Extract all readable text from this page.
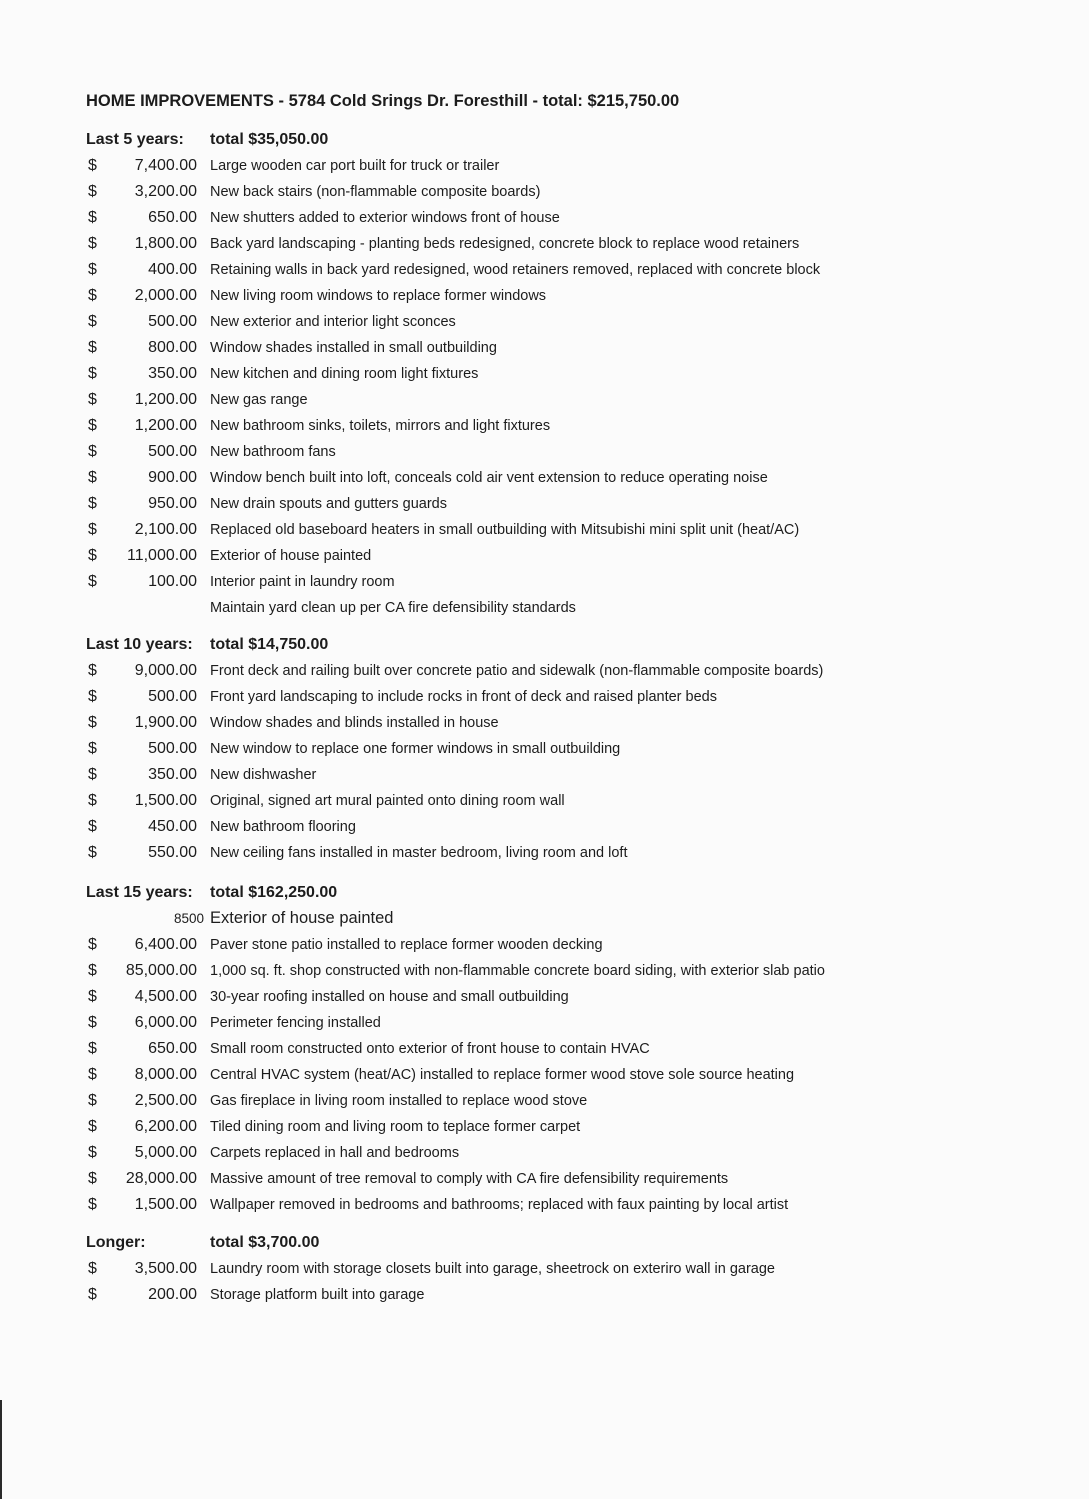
HOME IMPROVEMENTS - 5784 Cold Srings Dr. Foresthill - total: $215,750.00
Last 5 years: total $35,050.00
$	7,400.00 Large wooden car port built for truck or trailer
$	3,200.00 New back stairs (non-flammable composite boards)
$	650.00 New shutters added to exterior windows front of house
$	1,800.00 Back yard landscaping - planting beds redesigned, concrete block to replace wood retainers
$	400.00 Retaining walls in back yard redesigned, wood retainers removed, replaced with concrete block
$	2,000.00 New living room windows to replace former windows
$	500.00 New exterior and interior light sconces
$	800.00 Window shades installed in small outbuilding
$	350.00 New kitchen and dining room light fixtures
$	1,200.00 New gas range
$	1,200.00 New bathroom sinks, toilets, mirrors and light fixtures
$	500.00 New bathroom fans
$	900.00 Window bench built into loft, conceals cold air vent extension to reduce operating noise
$	950.00 New drain spouts and gutters guards
$	2,100.00 Replaced old baseboard heaters in small outbuilding with Mitsubishi mini split unit (heat/AC)
$	11,000.00 Exterior of house painted
$	100.00 Interior paint in laundry room
Maintain yard clean up per CA fire defensibility standards
Last 10 years: total $14,750.00
$	9,000.00 Front deck and railing built over concrete patio and sidewalk (non-flammable composite boards)
$	500.00 Front yard landscaping to include rocks in front of deck and raised planter beds
$	1,900.00 Window shades and blinds installed in house
$	500.00 New window to replace one former windows in small outbuilding
$	350.00 New dishwasher
$	1,500.00 Original, signed art mural painted onto dining room wall
$	450.00 New bathroom flooring
$	550.00 New ceiling fans installed in master bedroom, living room and loft
Last 15 years: total $162,250.00
8500 Exterior of house painted
$	6,400.00 Paver stone patio installed to replace former wooden decking
$	85,000.00 1,000 sq. ft. shop constructed with non-flammable concrete board siding, with exterior slab patio
$	4,500.00 30-year roofing installed on house and small outbuilding
$	6,000.00 Perimeter fencing installed
$	650.00 Small room constructed onto exterior of front house to contain HVAC
$	8,000.00 Central HVAC system (heat/AC) installed to replace former wood stove sole source heating
$	2,500.00 Gas fireplace in living room installed to replace wood stove
$	6,200.00 Tiled dining room and living room to teplace former carpet
$	5,000.00 Carpets replaced in hall and bedrooms
$	28,000.00 Massive amount of tree removal to comply with CA fire defensibility requirements
$	1,500.00 Wallpaper removed in bedrooms and bathrooms; replaced with faux painting by local artist
Longer:	total $3,700.00
$	3,500.00 Laundry room with storage closets built into garage, sheetrock on exteriro wall in garage
$	200.00 Storage platform built into garage
